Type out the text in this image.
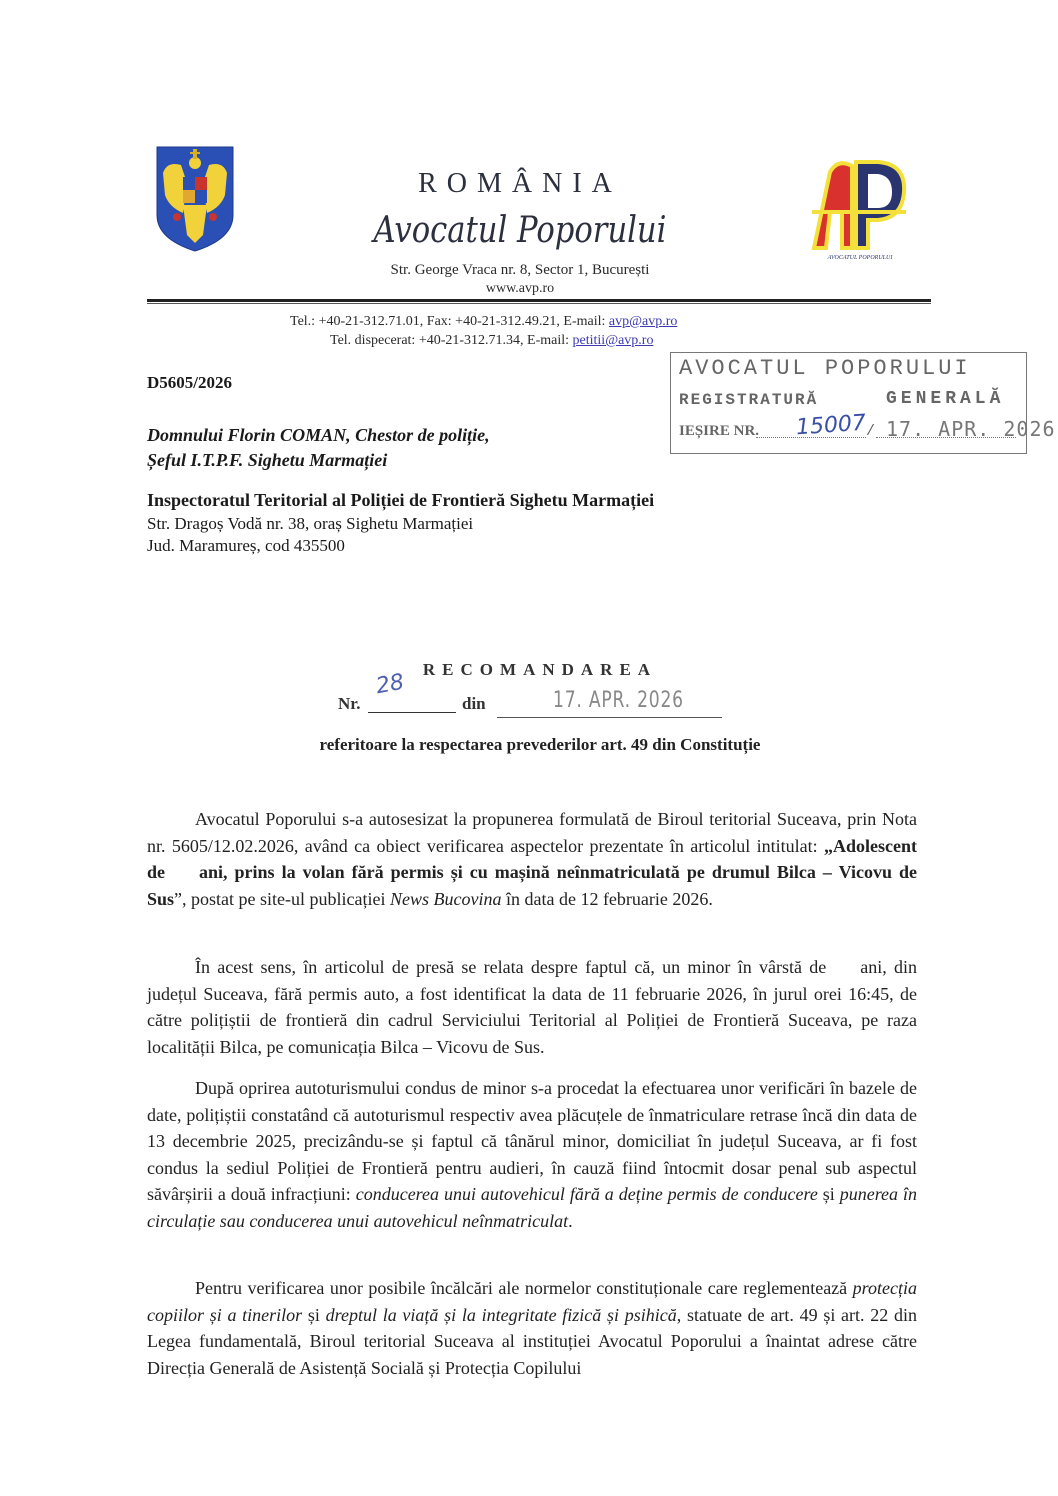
AVOCATUL POPORULUI
ROMÂNIA
Avocatul Poporului
Str. George Vraca nr. 8, Sector 1, București
www.avp.ro
Tel.: +40-21-312.71.01, Fax: +40-21-312.49.21, E-mail: avp@avp.ro
Tel. dispecerat: +40-21-312.71.34, E-mail: petitii@avp.ro
D5605/2026
AVOCATUL POPORULUI
REGISTRATURĂ	GENERALĂ
IEȘIRE NR. 15007 / 17. APR. 2026
Domnului Florin COMAN, Chestor de poliție,
Șeful I.T.P.F. Sighetu Marmației
Inspectoratul Teritorial al Poliției de Frontieră Sighetu Marmației
Str. Dragoș Vodă nr. 38, oraș Sighetu Marmației
Jud. Maramureș, cod 435500
RECOMANDAREA
Nr.
28
din	17. APR. 2026
referitoare la respectarea prevederilor art. 49 din Constituție
Avocatul Poporului s-a autosesizat la propunerea formulată de Biroul teritorial Suceava, prin Nota nr. 5605/12.02.2026, având ca obiect verificarea aspectelor prezentate în articolul intitulat: „Adolescent de ani, prins la volan fără permis și cu mașină neînmatriculată pe drumul Bilca – Vicovu de Sus”, postat pe site-ul publicației News Bucovina în data de 12 februarie 2026.
În acest sens, în articolul de presă se relata despre faptul că, un minor în vârstă de ani, din județul Suceava, fără permis auto, a fost identificat la data de 11 februarie 2026, în jurul orei 16:45, de către polițiștii de frontieră din cadrul Serviciului Teritorial al Poliției de Frontieră Suceava, pe raza localității Bilca, pe comunicația Bilca – Vicovu de Sus.
După oprirea autoturismului condus de minor s-a procedat la efectuarea unor verificări în bazele de date, polițiștii constatând că autoturismul respectiv avea plăcuțele de înmatriculare retrase încă din data de 13 decembrie 2025, precizându-se și faptul că tânărul minor, domiciliat în județul Suceava, ar fi fost condus la sediul Poliției de Frontieră pentru audieri, în cauză fiind întocmit dosar penal sub aspectul săvârșirii a două infracțiuni: conducerea unui autovehicul fără a deține permis de conducere și punerea în circulație sau conducerea unui autovehicul neînmatriculat.
Pentru verificarea unor posibile încălcări ale normelor constituționale care reglementează protecția copiilor și a tinerilor și dreptul la viață și la integritate fizică și psihică, statuate de art. 49 și art. 22 din Legea fundamentală, Biroul teritorial Suceava al instituției Avocatul Poporului a înaintat adrese către Direcția Generală de Asistență Socială și Protecția Copilului
